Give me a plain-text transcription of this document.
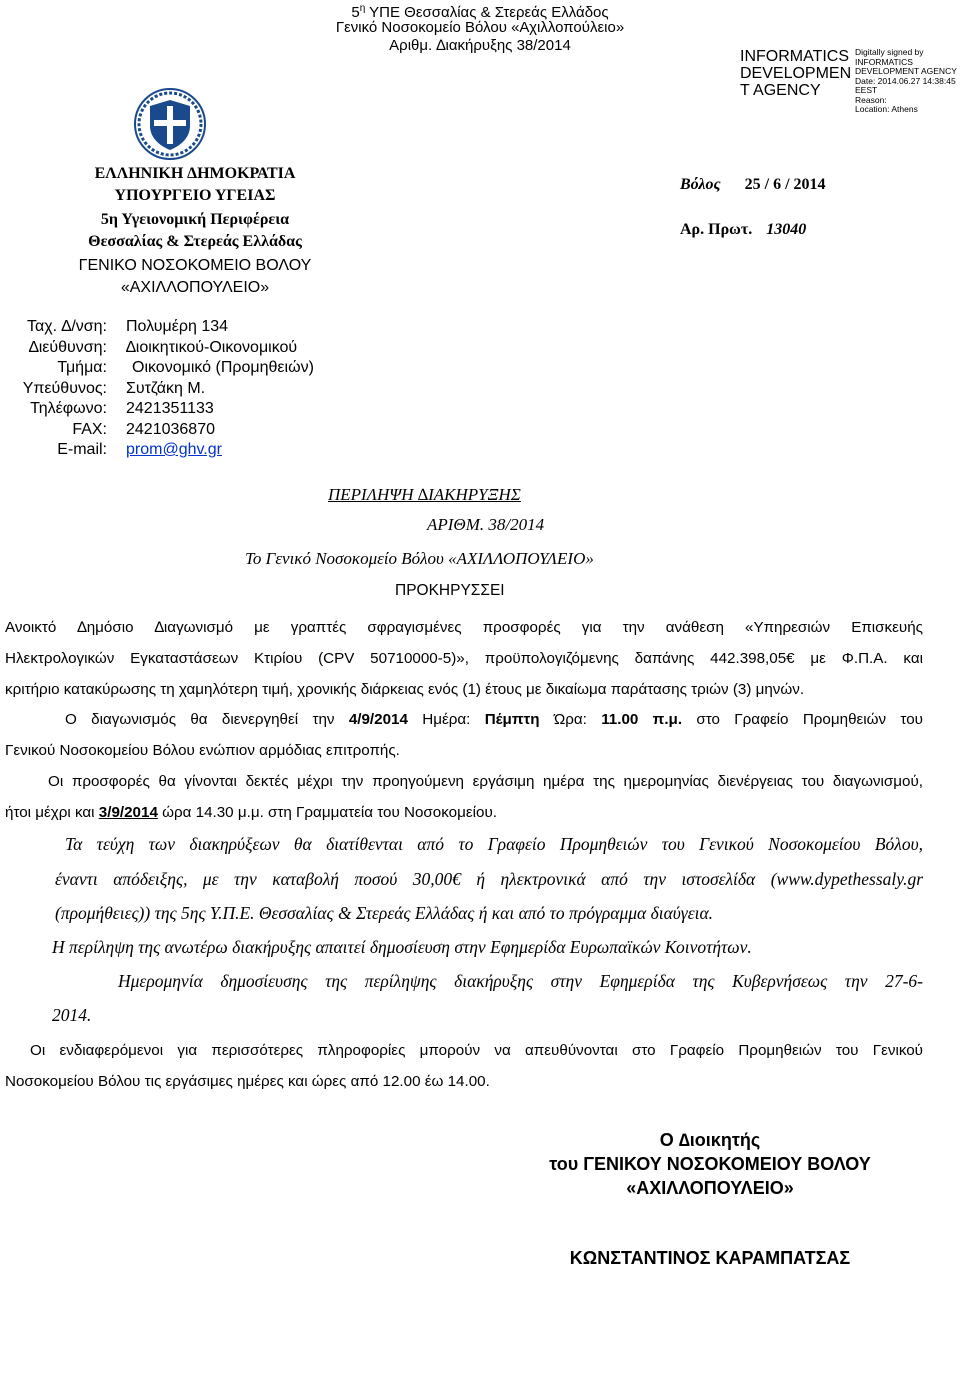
$5^\eta$ ΥΠΕ Θεσσαλίας & Στερεάς Ελλάδος
Γενικό Νοσοκομείο Βόλου «Αχιλλοπούλειο»
Αριθμ. ∆ιακήρυξης 38/2014
INFORMATICS
DEVELOPMEN
T AGENCY
Digitally signed by
INFORMATICS
DEVELOPMENT AGENCY
Date: 2014.06.27 14:38:45
EEST
Reason:
Location: Athens
ΕΛΛΗΝΙΚΗ ∆ΗΜΟΚΡΑΤΙΑ
ΥΠΟΥΡΓΕΙΟ ΥΓΕΙΑΣ
5η Υγειονομική Περιφέρεια
Θεσσαλίας & Στερεάς Ελλάδας
ΓΕΝΙΚΟ ΝΟΣΟΚΟΜΕΙΟ ΒΟΛΟΥ
«ΑΧΙΛΛΟΠΟΥΛΕΙΟ»
Βόλος 25 / 6 / 2014
Αρ. Πρωτ. 13040
Ταχ. ∆/νση: Πολυμέρη 134
∆ιεύθυνση: ∆ιοικητικού-Οικονομικού
Τμήμα: Οικονομικό (Προμηθειών)
Υπεύθυνος: Συτζάκη Μ.
Τηλέφωνο: 2421351133
FAX: 2421036870
E-mail: prom@ghv.gr
ΠΕΡΙΛΗΨΗ ∆ΙΑΚΗΡΥΞΗΣ
ΑΡΙΘΜ. 38/2014
Το Γενικό Νοσοκομείο Βόλου «ΑΧΙΛΛΟΠΟΥΛΕΙΟ»
ΠΡΟΚΗΡΥΣΣΕΙ
Ανοικτό ∆ημόσιο ∆ιαγωνισμό με γραπτές σφραγισμένες προσφορές για την ανάθεση «Υπηρεσιών Επισκευής
Ηλεκτρολογικών Εγκαταστάσεων Κτιρίου (CPV 50710000-5)», προϋπολογιζόμενης δαπάνης 442.398,05€ με Φ.Π.Α. και
κριτήριο κατακύρωσης τη χαμηλότερη τιμή, χρονικής διάρκειας ενός (1) έτους με δικαίωμα παράτασης τριών (3) μηνών.
Ο διαγωνισμός θα διενεργηθεί την 4/9/2014 Ημέρα: Πέμπτη Ώρα: 11.00 π.μ. στο Γραφείο Προμηθειών του
Γενικού Νοσοκομείου Βόλου ενώπιον αρμόδιας επιτροπής.
Οι προσφορές θα γίνονται δεκτές μέχρι την προηγούμενη εργάσιμη ημέρα της ημερομηνίας διενέργειας του διαγωνισμού,
ήτοι μέχρι και 3/9/2014 ώρα 14.30 μ.μ. στη Γραμματεία του Νοσοκομείου.
Τα τεύχη των διακηρύξεων θα διατίθενται από το Γραφείο Προμηθειών του Γενικού Νοσοκομείου Βόλου,
έναντι απόδειξης, με την καταβολή ποσού 30,00€ ή ηλεκτρονικά από την ιστοσελίδα (www.dypethessaly.gr
(προμήθειες)) της 5ης Υ.Π.Ε. Θεσσαλίας & Στερεάς Ελλάδας ή και από το πρόγραμμα διαύγεια.
Η περίληψη της ανωτέρω διακήρυξης απαιτεί δημοσίευση στην Εφημερίδα Ευρωπαϊκών Κοινοτήτων.
Ημερομηνία δημοσίευσης της περίληψης διακήρυξης στην Εφημερίδα της Κυβερνήσεως την 27-6-
2014.
Οι ενδιαφερόμενοι για περισσότερες πληροφορίες μπορούν να απευθύνονται στο Γραφείο Προμηθειών του Γενικού
Νοσοκομείου Βόλου τις εργάσιμες ημέρες και ώρες από 12.00 έω 14.00.
Ο ∆ιοικητής
του ΓΕΝΙΚΟΥ ΝΟΣΟΚΟΜΕΙΟΥ ΒΟΛΟΥ
«ΑΧΙΛΛΟΠΟΥΛΕΙΟ»
ΚΩΝΣΤΑΝΤΙΝΟΣ ΚΑΡΑΜΠΑΤΣΑΣ
